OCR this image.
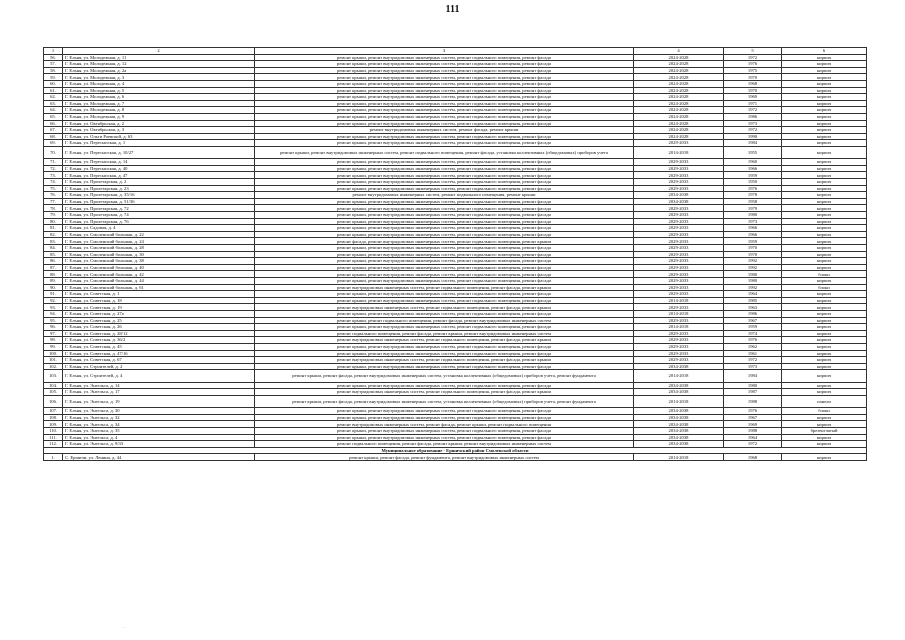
111
1	2	3	4	5	6
56.	Г. Ельня, ул. Молодежная, д. 11	ремонт крыши, ремонт внутридомовых инженерных систем, ремонт подвального помещения, ремонт фасада	2024-2028	1972	кирпич
57.	Г. Ельня, ул. Молодежная, д. 12	ремонт крыши, ремонт внутридомовых инженерных систем, ремонт подвального помещения, ремонт фасада	2024-2028	1976	кирпич
58.	Г. Ельня, ул. Молодежная, д. 2а	ремонт крыши, ремонт внутридомовых инженерных систем, ремонт подвального помещения, ремонт фасада	2024-2028	1975	кирпич
59.	Г. Ельня, ул. Молодежная, д. 3	ремонт крыши, ремонт внутридомовых инженерных систем, ремонт подвального помещения, ремонт фасада	2024-2028	1970	кирпич
60.	Г. Ельня, ул. Молодежная, д. 4	ремонт крыши, ремонт внутридомовых инженерных систем, ремонт подвального помещения, ремонт фасада	2024-2028	1968	кирпич
61.	Г. Ельня, ул. Молодежная, д. 5	ремонт крыши, ремонт внутридомовых инженерных систем, ремонт подвального помещения, ремонт фасада	2024-2028	1970	кирпич
62.	Г. Ельня, ул. Молодежная, д. 6	ремонт крыши, ремонт внутридомовых инженерных систем, ремонт подвального помещения, ремонт фасада	2024-2028	1969	кирпич
63.	Г. Ельня, ул. Молодежная, д. 7	ремонт крыши, ремонт внутридомовых инженерных систем, ремонт подвального помещения, ремонт фасада	2024-2028	1971	кирпич
64.	Г. Ельня, ул. Молодежная, д. 8	ремонт крыши, ремонт внутридомовых инженерных систем, ремонт подвального помещения, ремонт фасада	2024-2028	1972	кирпич
65.	Г. Ельня, ул. Молодежная, д. 9	ремонт крыши, ремонт внутридомовых инженерных систем, ремонт подвального помещения, ремонт фасада	2024-2028	1986	кирпич
66.	Г. Ельня, ул. Октябрьская, д. 2	ремонт крыши, ремонт внутридомовых инженерных систем, ремонт подвального помещения, ремонт фасада	2024-2028	1973	кирпич
67.	Г. Ельня, ул. Октябрьская, д. 3	ремонт внутридомовых инженерных систем, ремонт фасада, ремонт крыши	2024-2028	1972	кирпич
68.	Г. Ельня, ул. Ольги Раевской, д. 63	ремонт крыши, ремонт внутридомовых инженерных систем, ремонт подвального помещения, ремонт фасада	2024-2028	1990	кирпич
69.	Г. Ельня, ул. Пересыпская, д. 1	ремонт крыши, ремонт внутридомовых инженерных систем, ремонт подвального помещения, ремонт фасада	2029-2033	1984	кирпич
70.	Г. Ельня, ул. Пересыпская, д. 10/27	ремонт крыши, ремонт внутридомовых инженерных систем, ремонт подвального помещения, ремонт фасада, установка коллективных (общедомовых) приборов учета	2014-2018	1955	кирпич
71.	Г. Ельня, ул. Пересыпская, д. 14	ремонт крыши, ремонт внутридомовых инженерных систем, ремонт подвального помещения, ремонт фасада	2029-2033	1960	кирпич
72.	Г. Ельня, ул. Пересыпская, д. 40	ремонт крыши, ремонт внутридомовых инженерных систем, ремонт подвального помещения, ремонт фасада	2029-2033	1966	кирпич
73.	Г. Ельня, ул. Пересыпская, д. 47	ремонт крыши, ремонт внутридомовых инженерных систем, ремонт подвального помещения, ремонт фасада	2029-2033	1959	кирпич
74.	Г. Ельня, ул. Пролетарская, д. 2	ремонт крыши, ремонт внутридомовых инженерных систем, ремонт подвального помещения, ремонт фасада	2029-2033	1950	кирпич
75.	Г. Ельня, ул. Пролетарская, д. 23	ремонт крыши, ремонт внутридомовых инженерных систем, ремонт подвального помещения, ремонт фасада	2029-2033	1976	кирпич
76.	Г. Ельня, ул. Пролетарская, д. 35/16	ремонт внутридомовых инженерных систем, ремонт подвального помещения, ремонт крыши	2034-2038	1978	кирпич
77.	Г. Ельня, ул. Пролетарская, д. 51/36	ремонт крыши, ремонт внутридомовых инженерных систем, ремонт подвального помещения, ремонт фасада	2034-2038	1958	кирпич
78.	Г. Ельня, ул. Пролетарская, д. 72	ремонт крыши, ремонт внутридомовых инженерных систем, ремонт подвального помещения, ремонт фасада	2029-2033	1979	кирпич
79.	Г. Ельня, ул. Пролетарская, д. 74	ремонт крыши, ремонт внутридомовых инженерных систем, ремонт подвального помещения, ремонт фасада	2029-2033	1980	кирпич
80.	Г. Ельня, ул. Пролетарская, д. 76	ремонт крыши, ремонт внутридомовых инженерных систем, ремонт подвального помещения, ремонт фасада	2029-2033	1973	кирпич
81.	Г. Ельня, ул. Садовая, д. 4	ремонт крыши, ремонт внутридомовых инженерных систем, ремонт подвального помещения, ремонт фасада	2029-2033	1966	кирпич
82.	Г. Ельня, ул. Смоленский большак, д. 22	ремонт крыши, ремонт внутридомовых инженерных систем, ремонт подвального помещения, ремонт фасада	2029-2033	1966	кирпич
83.	Г. Ельня, ул. Смоленский большак, д. 24	ремонт фасада, ремонт внутридомовых инженерных систем, ремонт подвального помещения, ремонт крыши	2029-2033	1959	кирпич
84.	Г. Ельня, ул. Смоленский большак, д. 28	ремонт крыши, ремонт внутридомовых инженерных систем, ремонт подвального помещения, ремонт фасада	2029-2033	1970	кирпич
85.	Г. Ельня, ул. Смоленский большак, д. 30	ремонт крыши, ремонт внутридомовых инженерных систем, ремонт подвального помещения, ремонт фасада	2029-2033	1970	кирпич
86.	Г. Ельня, ул. Смоленский большак, д. 38	ремонт крыши, ремонт внутридомовых инженерных систем, ремонт подвального помещения, ремонт фасада	2029-2033	1992	кирпич
87.	Г. Ельня, ул. Смоленский большак, д. 40	ремонт крыши, ремонт внутридомовых инженерных систем, ремонт подвального помещения, ремонт фасада	2029-2033	1992	кирпич
88.	Г. Ельня, ул. Смоленский большак, д. 42	ремонт крыши, ремонт внутридомовых инженерных систем, ремонт подвального помещения, ремонт фасада	2029-2033	1980	блоки
89.	Г. Ельня, ул. Смоленский большак, д. 44	ремонт крыши, ремонт внутридомовых инженерных систем, ремонт подвального помещения, ремонт фасада	2029-2033	1980	кирпич
90.	Г. Ельня, ул. Смоленский большак, д. 61	ремонт внутридомовых инженерных систем, ремонт подвального помещения, ремонт фасада, ремонт крыши	2029-2033	1992	блоки
91.	Г. Ельня, ул. Советская, д. 1	ремонт крыши, ремонт внутридомовых инженерных систем, ремонт подвального помещения, ремонт фасада	2029-2033	1964	кирпич
92.	Г. Ельня, ул. Советская, д. 18	ремонт крыши, ремонт внутридомовых инженерных систем, ремонт подвального помещения, ремонт фасада	2014-2018	1985	кирпич
93.	Г. Ельня, ул. Советская, д. 19	ремонт внутридомовых инженерных систем, ремонт подвального помещения, ремонт фасада, ремонт крыши	2029-2033	1963	кирпич
94.	Г. Ельня, ул. Советская, д. 27а	ремонт крыши, ремонт внутридомовых инженерных систем, ремонт подвального помещения, ремонт фасада	2014-2018	1986	кирпич
95.	Г. Ельня, ул. Советская, д. 25	ремонт крыши, ремонт подвального помещения, ремонт фасада, ремонт внутридомовых инженерных систем	2029-2033	1967	кирпич
96.	Г. Ельня, ул. Советская, д. 26	ремонт крыши, ремонт внутридомовых инженерных систем, ремонт подвального помещения, ремонт фасада	2014-2018	1959	кирпич
97.	Г. Ельня, ул. Советская, д. 28/12	ремонт подвального помещения, ремонт фасада, ремонт крыши, ремонт внутридомовых инженерных систем	2029-2033	1974	кирпич
98.	Г. Ельня, ул. Советская, д. 36/2	ремонт внутридомовых инженерных систем, ремонт подвального помещения, ремонт фасада, ремонт крыши	2029-2033	1976	кирпич
99.	Г. Ельня, ул. Советская, д. 45	ремонт крыши, ремонт внутридомовых инженерных систем, ремонт подвального помещения, ремонт фасада	2029-2033	1962	кирпич
100.	Г. Ельня, ул. Советская, д. 47/16	ремонт крыши, ремонт внутридомовых инженерных систем, ремонт подвального помещения, ремонт фасада	2029-2033	1961	кирпич
101.	Г. Ельня, ул. Советская, д. 67	ремонт внутридомовых инженерных систем, ремонт подвального помещения, ремонт фасада, ремонт крыши	2029-2033	1972	кирпич
102.	Г. Ельня, ул. Строителей, д. 2	ремонт крыши, ремонт внутридомовых инженерных систем, ремонт подвального помещения, ремонт фасада	2034-2038	1973	кирпич
103.	Г. Ельня, ул. Строителей, д. 4	ремонт крыши, ремонт фасада, ремонт внутридомовых инженерных систем, установка коллективных (общедомовых) приборов учета, ремонт фундамента	2014-2018	1984	кирпич
104.	Г. Ельня, ул. Энгельса, д. 14	ремонт крыши, ремонт внутридомовых инженерных систем, ремонт подвального помещения, ремонт фасада	2034-2038	1980	кирпич
105.	Г. Ельня, ул. Энгельса, д. 17	ремонт внутридомовых инженерных систем, ремонт подвального помещения, ремонт фасада, ремонт крыши	2034-2038	1987	кирпич
106.	Г. Ельня, ул. Энгельса, д. 19	ремонт крыши, ремонт фасада, ремонт внутридомовых инженерных систем, установка коллективных (общедомовых) приборов учета, ремонт фундамента	2014-2018	1988	панели
107.	Г. Ельня, ул. Энгельса, д. 30	ремонт крыши, ремонт внутридомовых инженерных систем, ремонт подвального помещения, ремонт фасада	2034-2038	1976	блоки
108.	Г. Ельня, ул. Энгельса, д. 32	ремонт крыши, ремонт внутридомовых инженерных систем, ремонт подвального помещения, ремонт фасада	2034-2038	1967	кирпич
109.	Г. Ельня, ул. Энгельса, д. 34	ремонт внутридомовых инженерных систем, ремонт фасада, ремонт крыши, ремонт подвального помещения	2034-2038	1969	кирпич
110.	Г. Ельня, ул. Энгельса, д. 35	ремонт крыши, ремонт внутридомовых инженерных систем, ремонт подвального помещения, ремонт фасада	2034-2038	1988	брезентчатый
111.	Г. Ельня, ул. Энгельса, д. 4	ремонт крыши, ремонт внутридомовых инженерных систем, ремонт подвального помещения, ремонт фасада	2034-2038	1964	кирпич
112.	Г. Ельня, ул. Энгельса, д. 9/33	ремонт подвального помещения, ремонт фасада, ремонт крыши, ремонт внутридомовых инженерных систем	2034-2038	1972	кирпич
Муниципальное образование - Ершичский район Смоленской области					
1.	С. Ершичи, ул. Ленина, д. 44	ремонт крыши, ремонт фасада, ремонт фундамента, ремонт внутридомовых инженерных систем	2014-2018	1968	кирпич
·
